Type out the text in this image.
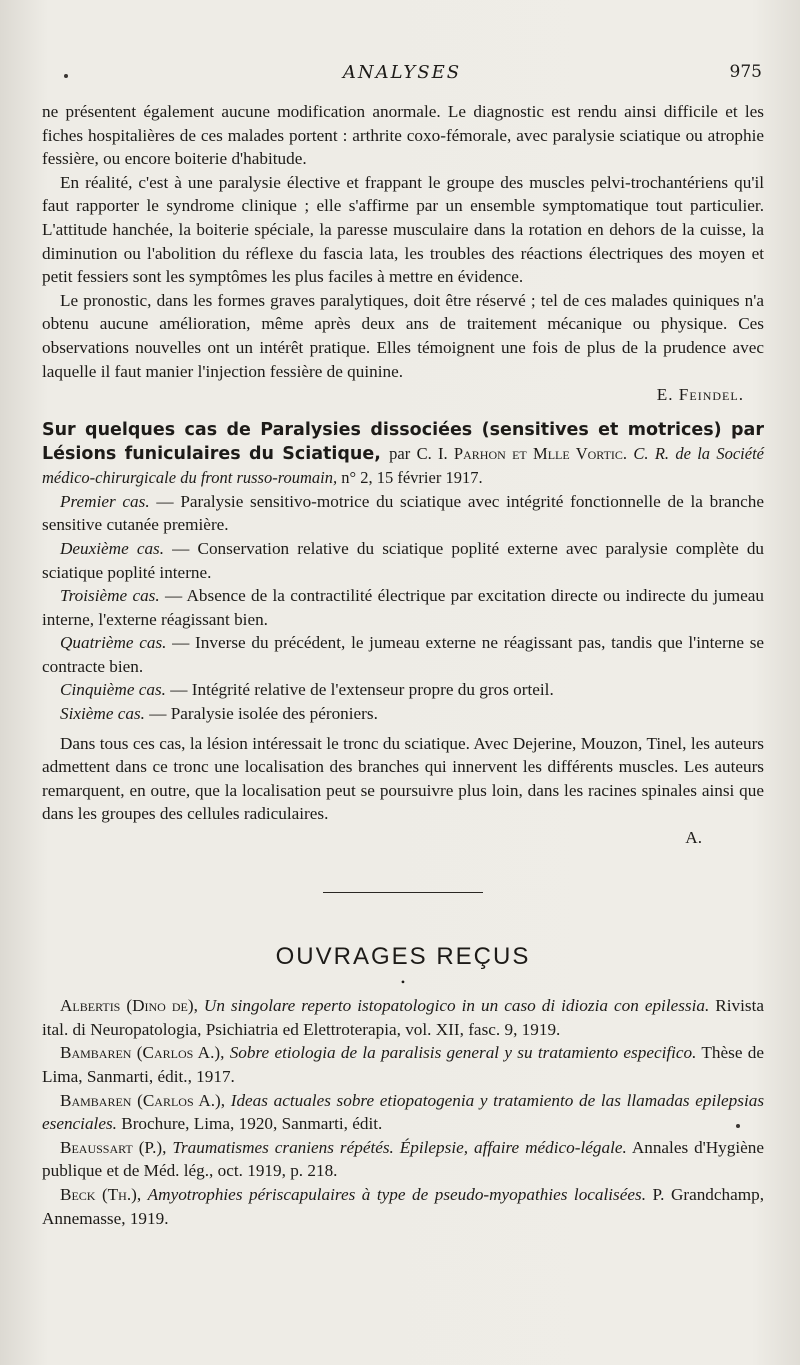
ANALYSES	975

ne présentent également aucune modification anormale. Le diagnostic est rendu ainsi difficile et les fiches hospitalières de ces malades portent : arthrite coxo-fémorale, avec paralysie sciatique ou atrophie fessière, ou encore boiterie d'habitude.

En réalité, c'est à une paralysie élective et frappant le groupe des muscles pelvi-trochantériens qu'il faut rapporter le syndrome clinique ; elle s'affirme par un ensemble symptomatique tout particulier. L'attitude hanchée, la boiterie spéciale, la paresse musculaire dans la rotation en dehors de la cuisse, la diminution ou l'abolition du réflexe du fascia lata, les troubles des réactions électriques des moyen et petit fessiers sont les symptômes les plus faciles à mettre en évidence.

Le pronostic, dans les formes graves paralytiques, doit être réservé ; tel de ces malades quiniques n'a obtenu aucune amélioration, même après deux ans de traitement mécanique ou physique. Ces observations nouvelles ont un intérêt pratique. Elles témoignent une fois de plus de la prudence avec laquelle il faut manier l'injection fessière de quinine.

E. Feindel.
Sur quelques cas de Paralysies dissociées (sensitives et motrices) par Lésions funiculaires du Sciatique, par C. I. Parhon et Mlle Vortic. C. R. de la Société médico-chirurgicale du front russo-roumain, n° 2, 15 février 1917.

Premier cas. — Paralysie sensitivo-motrice du sciatique avec intégrité fonctionnelle de la branche sensitive cutanée première.

Deuxième cas. — Conservation relative du sciatique poplité externe avec paralysie complète du sciatique poplité interne.

Troisième cas. — Absence de la contractilité électrique par excitation directe ou indirecte du jumeau interne, l'externe réagissant bien.

Quatrième cas. — Inverse du précédent, le jumeau externe ne réagissant pas, tandis que l'interne se contracte bien.

Cinquième cas. — Intégrité relative de l'extenseur propre du gros orteil.

Sixième cas. — Paralysie isolée des péroniers.

Dans tous ces cas, la lésion intéressait le tronc du sciatique. Avec Dejerine, Mouzon, Tinel, les auteurs admettent dans ce tronc une localisation des branches qui innervent les différents muscles. Les auteurs remarquent, en outre, que la localisation peut se poursuivre plus loin, dans les racines spinales ainsi que dans les groupes des cellules radiculaires.

A.
OUVRAGES REÇUS
•

Albertis (Dino de), Un singolare reperto istopatologico in un caso di idiozia con epilessia. Rivista ital. di Neuropatologia, Psichiatria ed Elettroterapia, vol. XII, fasc. 9, 1919.

Bambaren (Carlos A.), Sobre etiologia de la paralisis general y su tratamiento especifico. Thèse de Lima, Sanmarti, édit., 1917.

Bambaren (Carlos A.), Ideas actuales sobre etiopatogenia y tratamiento de las llamadas epilepsias esenciales. Brochure, Lima, 1920, Sanmarti, édit.

Beaussart (P.), Traumatismes craniens répétés. Épilepsie, affaire médico-légale. Annales d'Hygiène publique et de Méd. lég., oct. 1919, p. 218.

Beck (Th.), Amyotrophies périscapulaires à type de pseudo-myopathies localisées. P. Grandchamp, Annemasse, 1919.
